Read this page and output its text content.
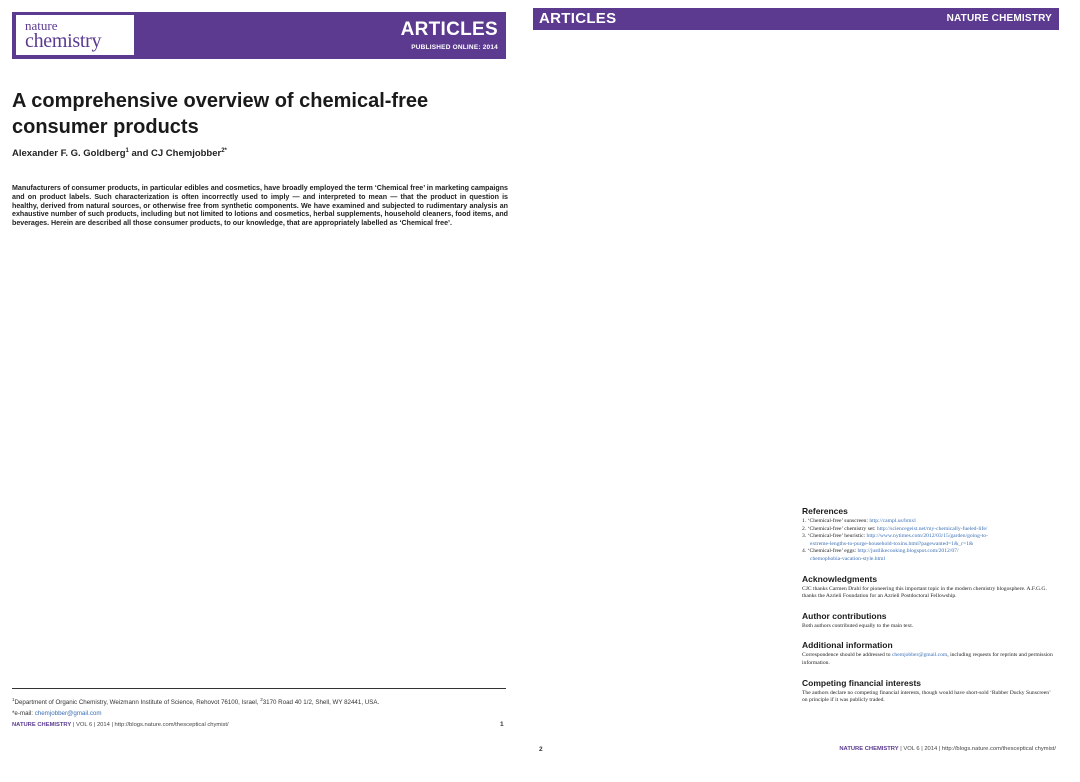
nature
chemistry
ARTICLES
PUBLISHED ONLINE: 2014
A comprehensive overview of chemical-free consumer products
Alexander F. G. Goldberg$^1$ and CJ Chemjobber$^{2*}$

Manufacturers of consumer products, in particular edibles and cosmetics, have broadly employed the term ‘Chemical free’ in marketing campaigns and on product labels. Such characterization is often incorrectly used to imply — and interpreted to mean — that the product in question is healthy, derived from natural sources, or otherwise free from synthetic components. We have examined and subjected to rudimentary analysis an exhaustive number of such products, including but not limited to lotions and cosmetics, herbal supplements, household cleaners, food items, and beverages. Herein are described all those consumer products, to our knowledge, that are appropriately labelled as ‘Chemical free’.

$^1$Department of Organic Chemistry, Weizmann Institute of Science, Rehovot 76100, Israel, $^2$3170 Road 40 1/2, Shell, WY 82441, USA.
*e-mail: chemjobber@gmail.com
NATURE CHEMISTRY | VOL 6 | 2014 | http://blogs.nature.com/thesceptical chymist/	1
ARTICLES	NATURE CHEMISTRY
References

1. ‘Chemical-free’ sunscreen: http://campl.us/bmxl

2. ‘Chemical-free’ chemistry set: http://sciencegeist.net/my-chemically-fueled-life/

3. ‘Chemical-free’ heuristic: http://www.nytimes.com/2012/03/15/garden/going-to-
extreme-lengths-to-purge-household-toxins.html?pagewanted=1&_r=1&

4. ‘Chemical-free’ eggs: http://justlikecooking.blogspot.com/2012/07/
chemophobia-vacation-style.html

Acknowledgments

CJC thanks Carmen Drahl for pioneering this important topic in the modern chemistry blogosphere. A.F.G.G. thanks the Azrieli Foundation for an Azrieli Postdoctoral Fellowship.

Author contributions

Both authors contributed equally to the main text.

Additional information

Correspondence should be addressed to chemjobber@gmail.com, including requests for reprints and permission information.

Competing financial interests

The authors declare no competing financial interests, though would have short-sold ‘Rubber Ducky Sunscreen’ on principle if it was publicly traded.

2	NATURE CHEMISTRY | VOL 6 | 2014 | http://blogs.nature.com/thesceptical chymist/
